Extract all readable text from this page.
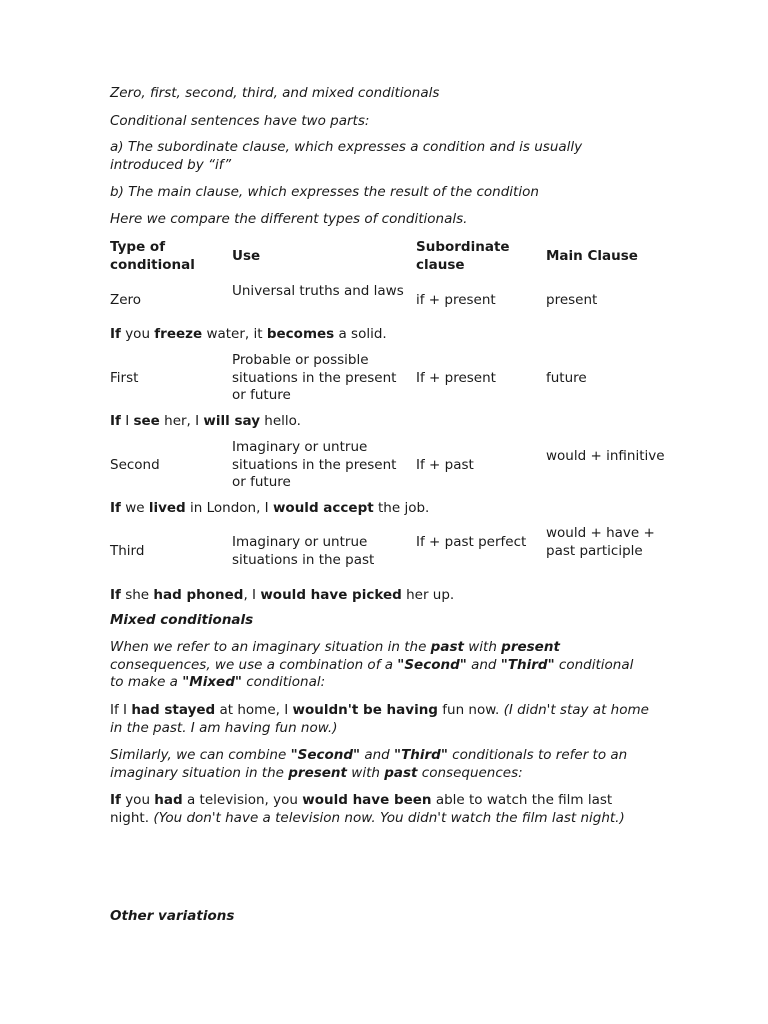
Zero, first, second, third, and mixed conditionals

Conditional sentences have two parts:

a) The subordinate clause, which expresses a condition and is usually introduced by “if”

b) The main clause, which expresses the result of the condition

Here we compare the different types of conditionals.

Type of conditional

Use

Subordinate clause

Main Clause

Zero

Universal truths and laws

if + present	present

If you freeze water, it becomes a solid.

First

Probable or possible situations in the present or future

If + present	future

If I see her, I will say hello.

Second

Imaginary or untrue situations in the present or future

If + past

would + infinitive

If we lived in London, I would accept the job.

Third

Imaginary or untrue situations in the past

If + past perfect

would + have + past participle

If she had phoned, I would have picked her up.

Mixed conditionals

When we refer to an imaginary situation in the past with present consequences, we use a combination of a "Second" and "Third" conditional to make a "Mixed" conditional:

If I had stayed at home, I wouldn't be having fun now. (I didn't stay at home in the past. I am having fun now.)

Similarly, we can combine "Second" and "Third" conditionals to refer to an imaginary situation in the present with past consequences:

If you had a television, you would have been able to watch the film last night. (You don't have a television now. You didn't watch the film last night.)

Other variations
